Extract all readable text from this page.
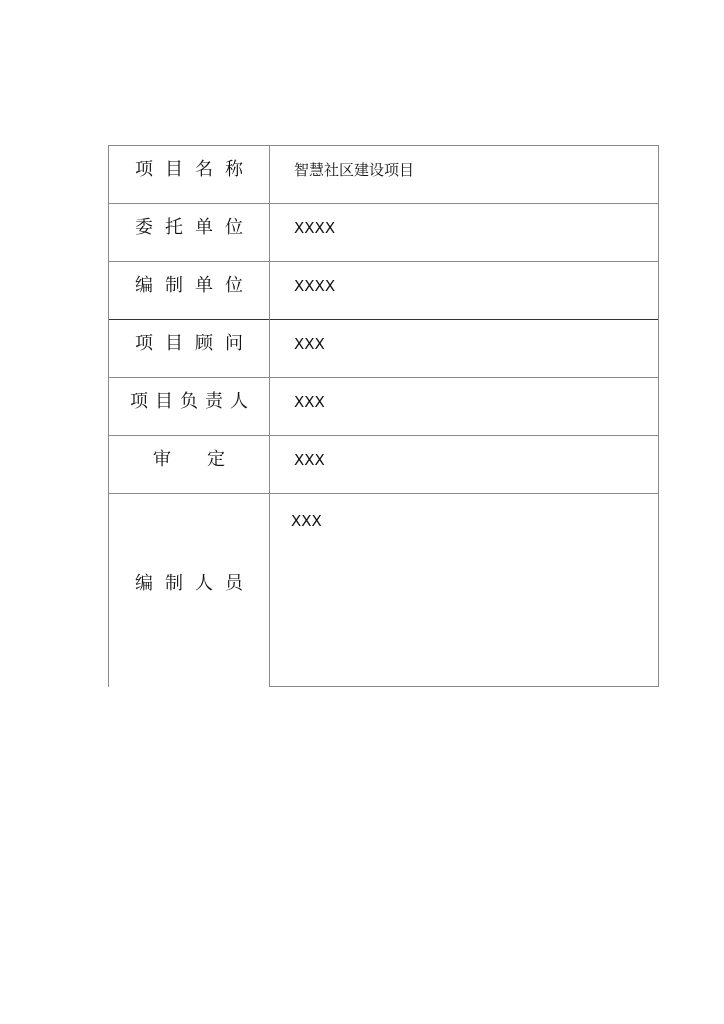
项目名称	智慧社区建设项目

委托单位	XXXX

编制单位	XXXX

项目顾问	XXX

项目负责人	XXX

审定	XXX

编制人员	XXX
